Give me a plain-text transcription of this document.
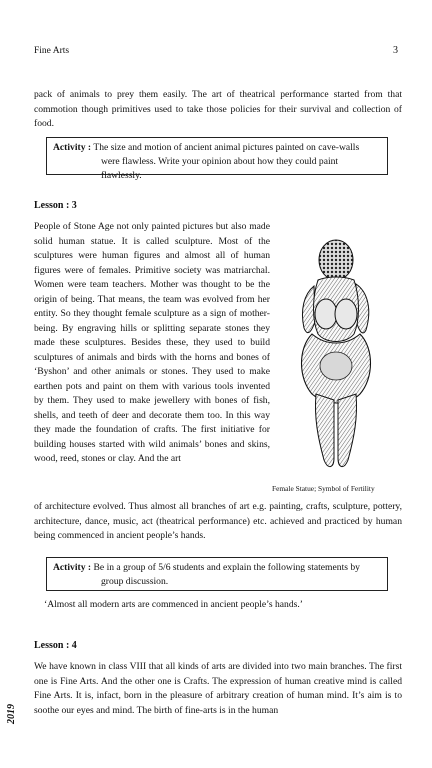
Fine Arts	3
pack of animals to prey them easily. The art of theatrical performance started from that commotion though primitives used to take those policies for their survival and collection of food.
Activity : The size and motion of ancient animal pictures painted on cave-walls
were flawless. Write your opinion about how they could paint flawlessly.
Lesson : 3
People of Stone Age not only painted pictures but also made solid human statue. It is called sculpture. Most of the sculptures were human figures and almost all of human figures were of females. Primitive society was matriarchal. Women were team teachers. Mother was thought to be the origin of being. That means, the team was evolved from her entity. So they thought female sculpture as a sign of mother-being. By engraving hills or splitting separate stones they made these sculptures. Besides these, they used to build sculptures of animals and birds with the horns and bones of ‘Byshon’ and other animals or stones. They used to make earthen pots and paint on them with various tools invented by them. They used to make jewellery with bones of fish, shells, and teeth of deer and decorate them too. In this way they made the foundation of crafts. The first initiative for building houses started with wild animals’ bones and skins, wood, reed, stones or clay. And the art
Female Statue; Symbol of Fertility
of architecture evolved. Thus almost all branches of art e.g. painting, crafts, sculpture, pottery, architecture, dance, music, act (theatrical performance) etc. achieved and practiced by human being commenced in ancient people’s hands.
Activity : Be in a group of 5/6 students and explain the following statements by
group discussion.
‘Almost all modern arts are commenced in ancient people’s hands.’
Lesson : 4
We have known in class VIII that all kinds of arts are divided into two main branches. The first one is Fine Arts. And the other one is Crafts. The expression of human creative mind is called Fine Arts. It is, infact, born in the pleasure of arbitrary creation of human mind. It’s aim is to soothe our eyes and mind. The birth of fine-arts is in the human
2019
